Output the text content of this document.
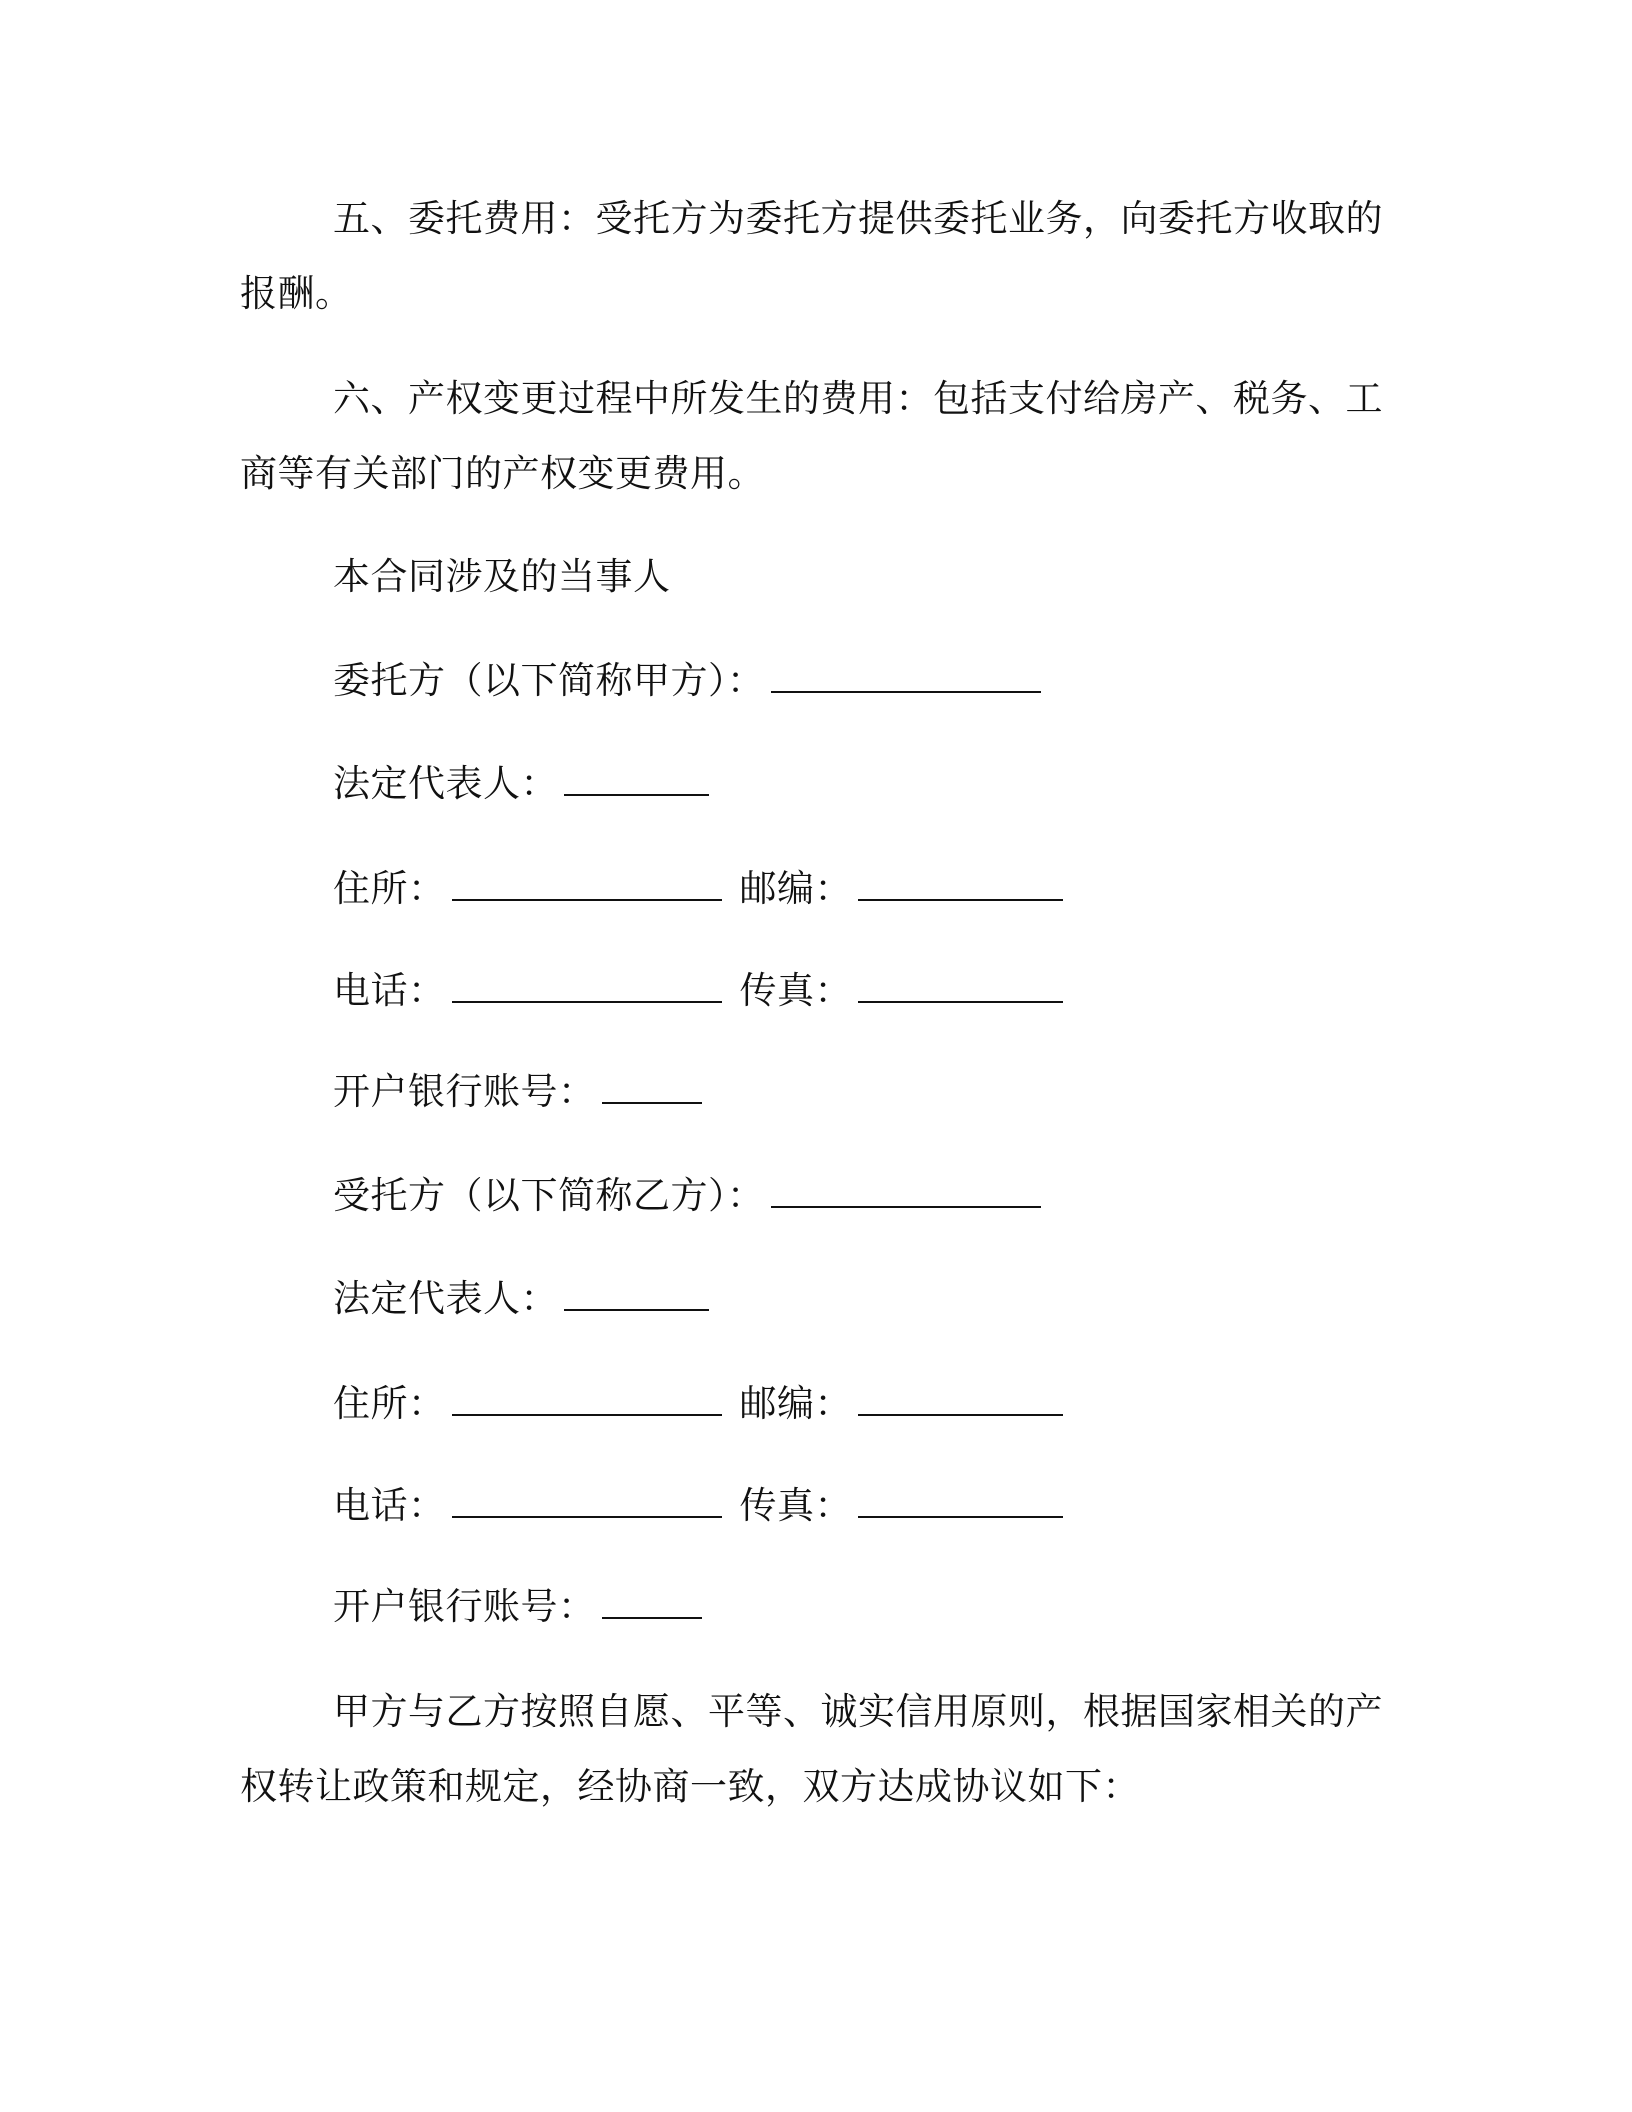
五、委托费用：受托方为委托方提供委托业务，向委托方收取的
报酬。
六、产权变更过程中所发生的费用：包括支付给房产、税务、工
商等有关部门的产权变更费用。
本合同涉及的当事人
委托方（以下简称甲方）：
法定代表人：
住所：	邮编：
电话：	传真：
开户银行账号：
受托方（以下简称乙方）：
法定代表人：
住所：	邮编：
电话：	传真：
开户银行账号：
甲方与乙方按照自愿、平等、诚实信用原则，根据国家相关的产
权转让政策和规定，经协商一致，双方达成协议如下：
